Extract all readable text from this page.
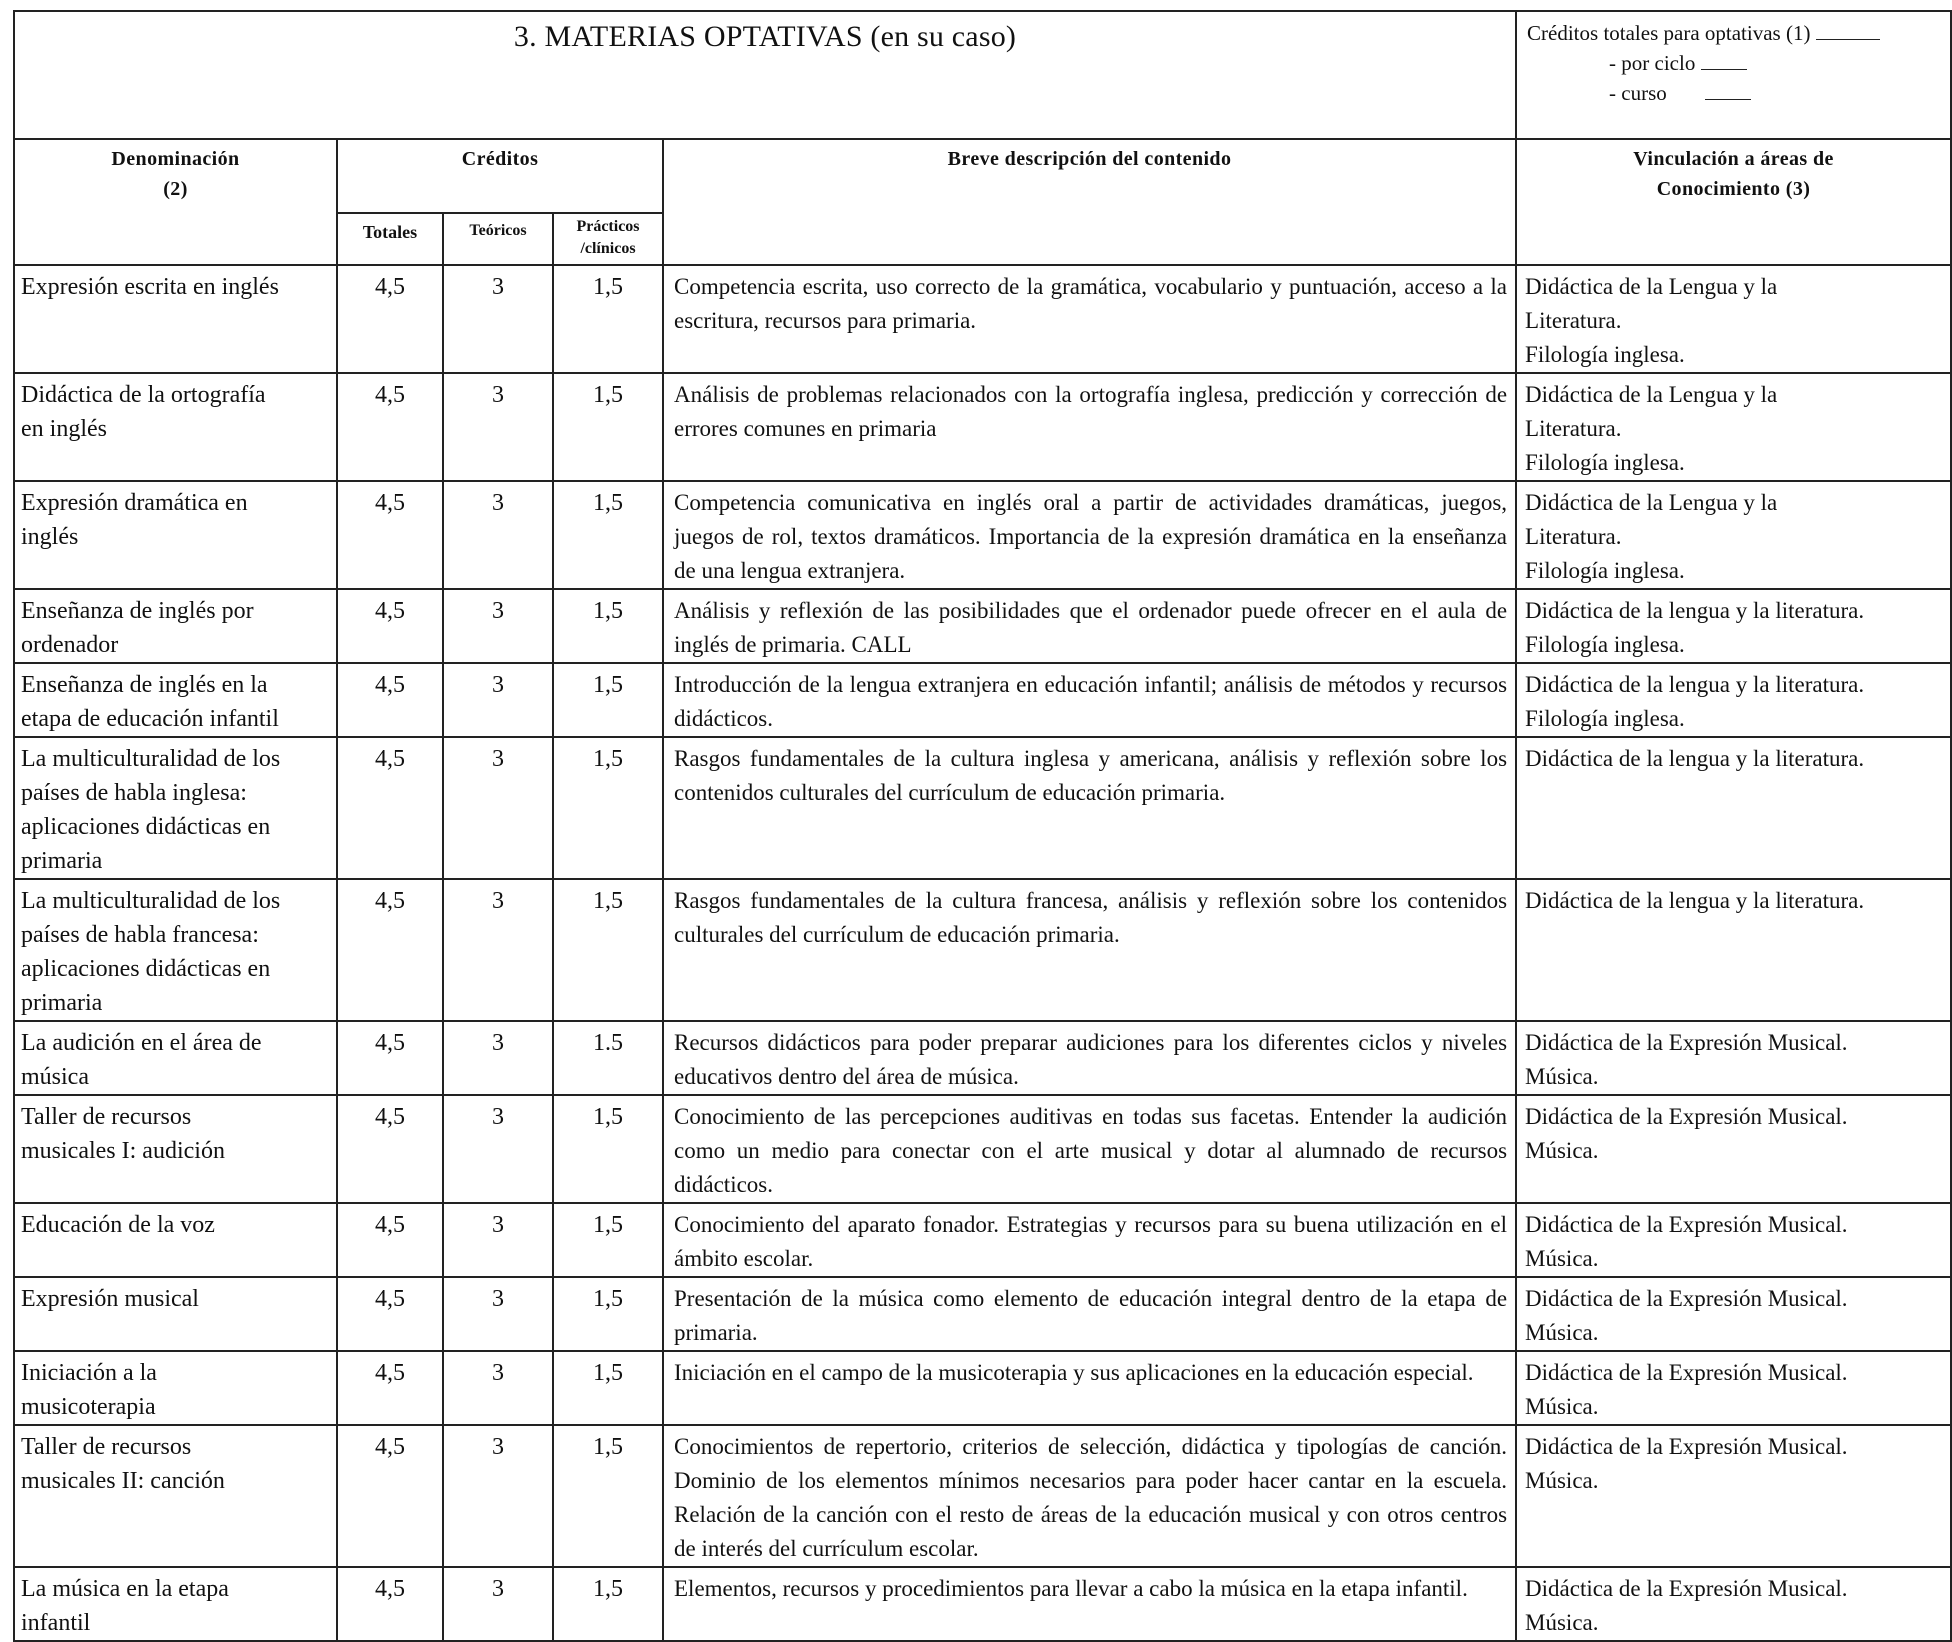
3. MATERIAS OPTATIVAS (en su caso)					Créditos totales para optativas (1)
- por ciclo
- curso

Denominación
(2)	Créditos			Breve descripción del contenido	Vinculación a áreas de
Conocimiento (3)
	Totales	Teóricos	Prácticos
/clínicos		

Expresión escrita en inglés	4,5	3	1,5	Competencia escrita, uso correcto de la gramática, vocabulario y puntuación, acceso a la escritura, recursos para primaria.	Didáctica de la Lengua y la
Literatura.
Filología inglesa.

Didáctica de la ortografía
en inglés	4,5	3	1,5	Análisis de problemas relacionados con la ortografía inglesa, predicción y corrección de errores comunes en primaria	Didáctica de la Lengua y la
Literatura.
Filología inglesa.

Expresión dramática en
inglés	4,5	3	1,5	Competencia comunicativa en inglés oral a partir de actividades dramáticas, juegos, juegos de rol, textos dramáticos. Importancia de la expresión dramática en la enseñanza de una lengua extranjera.	Didáctica de la Lengua y la
Literatura.
Filología inglesa.

Enseñanza de inglés por
ordenador	4,5	3	1,5	Análisis y reflexión de las posibilidades que el ordenador puede ofrecer en el aula de inglés de primaria. CALL	Didáctica de la lengua y la literatura.
Filología inglesa.

Enseñanza de inglés en la
etapa de educación infantil	4,5	3	1,5	Introducción de la lengua extranjera en educación infantil; análisis de métodos y recursos didácticos.	Didáctica de la lengua y la literatura.
Filología inglesa.

La multiculturalidad de los
países de habla inglesa:
aplicaciones didácticas en
primaria	4,5	3	1,5	Rasgos fundamentales de la cultura inglesa y americana, análisis y reflexión sobre los contenidos culturales del currículum de educación primaria.	Didáctica de la lengua y la literatura.

La multiculturalidad de los
países de habla francesa:
aplicaciones didácticas en
primaria	4,5	3	1,5	Rasgos fundamentales de la cultura francesa, análisis y reflexión sobre los contenidos culturales del currículum de educación primaria.	Didáctica de la lengua y la literatura.

La audición en el área de
música	4,5	3	1.5	Recursos didácticos para poder preparar audiciones para los diferentes ciclos y niveles educativos dentro del área de música.	Didáctica de la Expresión Musical.
Música.

Taller de recursos
musicales I: audición	4,5	3	1,5	Conocimiento de las percepciones auditivas en todas sus facetas. Entender la audición como un medio para conectar con el arte musical y dotar al alumnado de recursos didácticos.	Didáctica de la Expresión Musical.
Música.

Educación de la voz	4,5	3	1,5	Conocimiento del aparato fonador. Estrategias y recursos para su buena utilización en el ámbito escolar.	Didáctica de la Expresión Musical.
Música.

Expresión musical	4,5	3	1,5	Presentación de la música como elemento de educación integral dentro de la etapa de primaria.	Didáctica de la Expresión Musical.
Música.

Iniciación a la
musicoterapia	4,5	3	1,5	Iniciación en el campo de la musicoterapia y sus aplicaciones en la educación especial.	Didáctica de la Expresión Musical.
Música.

Taller de recursos
musicales II: canción	4,5	3	1,5	Conocimientos de repertorio, criterios de selección, didáctica y tipologías de canción. Dominio de los elementos mínimos necesarios para poder hacer cantar en la escuela. Relación de la canción con el resto de áreas de la educación musical y con otros centros de interés del currículum escolar.	Didáctica de la Expresión Musical.
Música.

La música en la etapa
infantil	4,5	3	1,5	Elementos, recursos y procedimientos para llevar a cabo la música en la etapa infantil.	Didáctica de la Expresión Musical.
Música.
